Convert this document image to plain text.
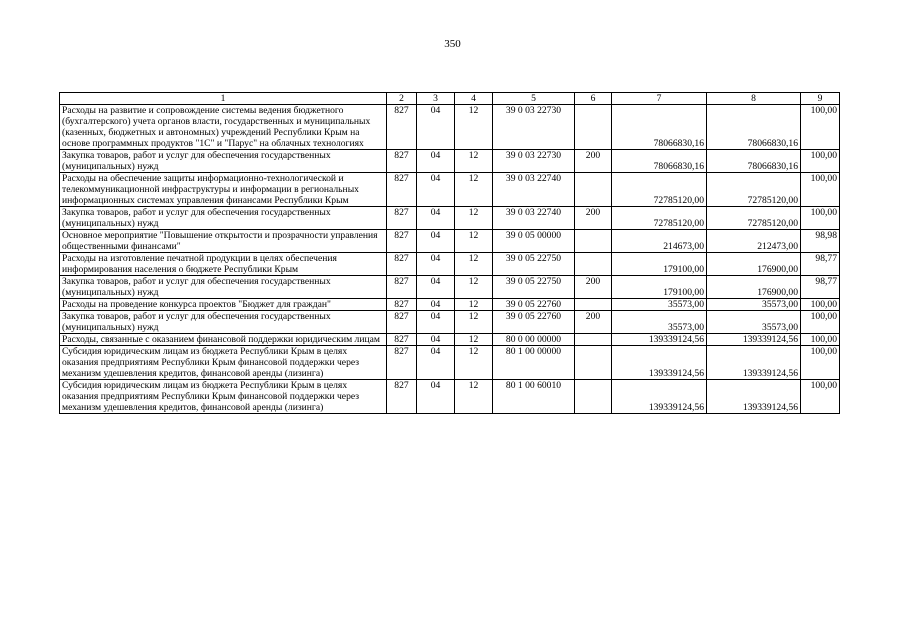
350
1	2	3	4	5	6	7	8	9
Расходы на развитие и сопровождение системы ведения бюджетного (бухгалтерского) учета органов власти, государственных и муниципальных (казенных, бюджетных и автономных) учреждений Республики Крым на основе программных продуктов "1С" и "Парус" на облачных технологиях	827	04	12	39 0 03 22730		78066830,16	78066830,16	100,00
Закупка товаров, работ и услуг для обеспечения государственных (муниципальных) нужд	827	04	12	39 0 03 22730	200	78066830,16	78066830,16	100,00
Расходы на обеспечение защиты информационно-технологической и телекоммуникационной инфраструктуры и информации в региональных информационных системах управления финансами Республики Крым	827	04	12	39 0 03 22740		72785120,00	72785120,00	100,00
Закупка товаров, работ и услуг для обеспечения государственных (муниципальных) нужд	827	04	12	39 0 03 22740	200	72785120,00	72785120,00	100,00
Основное мероприятие "Повышение открытости и прозрачности управления общественными финансами"	827	04	12	39 0 05 00000		214673,00	212473,00	98,98
Расходы на изготовление печатной продукции в целях обеспечения информирования населения о бюджете Республики Крым	827	04	12	39 0 05 22750		179100,00	176900,00	98,77
Закупка товаров, работ и услуг для обеспечения государственных (муниципальных) нужд	827	04	12	39 0 05 22750	200	179100,00	176900,00	98,77
Расходы на проведение конкурса проектов "Бюджет для граждан"	827	04	12	39 0 05 22760		35573,00	35573,00	100,00
Закупка товаров, работ и услуг для обеспечения государственных (муниципальных) нужд	827	04	12	39 0 05 22760	200	35573,00	35573,00	100,00
Расходы, связанные с оказанием финансовой поддержки юридическим лицам	827	04	12	80 0 00 00000		139339124,56	139339124,56	100,00
Субсидия юридическим лицам из бюджета Республики Крым в целях оказания предприятиям Республики Крым финансовой поддержки через механизм удешевления кредитов, финансовой аренды (лизинга)	827	04	12	80 1 00 00000		139339124,56	139339124,56	100,00
Субсидия юридическим лицам из бюджета Республики Крым в целях оказания предприятиям Республики Крым финансовой поддержки через механизм удешевления кредитов, финансовой аренды (лизинга)	827	04	12	80 1 00 60010		139339124,56	139339124,56	100,00
